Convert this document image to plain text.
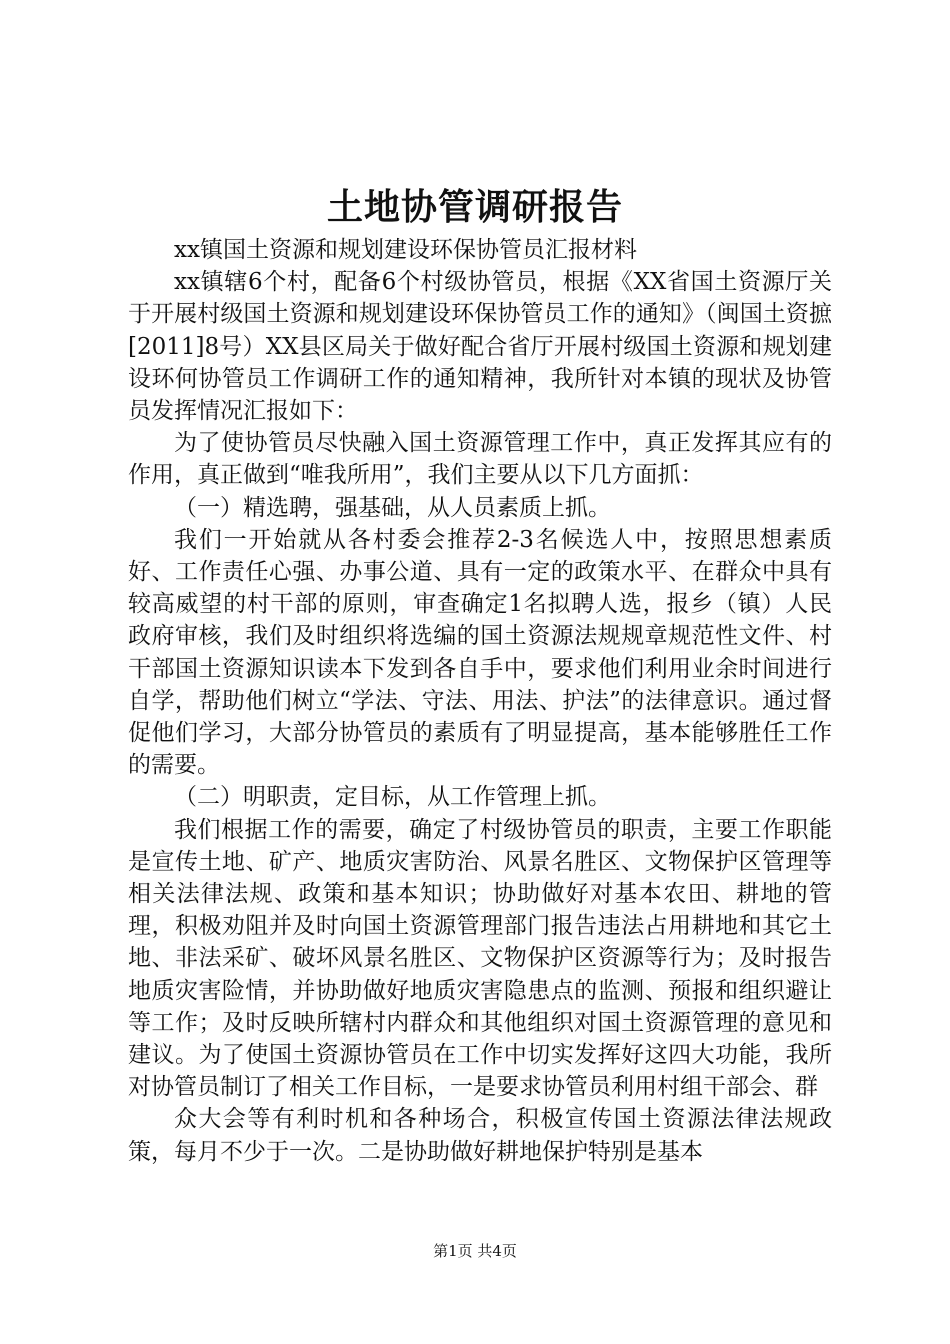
土地协管调研报告

xx镇国土资源和规划建设环保协管员汇报材料

xx镇辖6个村，配备6个村级协管员，根据《XX省国土资源厅关于开展村级国土资源和规划建设环保协管员工作的通知》（闽国土资摭[2011]8号）XX县区局关于做好配合省厅开展村级国土资源和规划建设环何协管员工作调研工作的通知精神，我所针对本镇的现状及协管员发挥情况汇报如下：

为了使协管员尽快融入国土资源管理工作中，真正发挥其应有的作用，真正做到“唯我所用”，我们主要从以下几方面抓：

（一）精选聘，强基础，从人员素质上抓。

我们一开始就从各村委会推荐2-3名候选人中，按照思想素质好、工作责任心强、办事公道、具有一定的政策水平、在群众中具有较高威望的村干部的原则，审查确定1名拟聘人选，报乡（镇）人民政府审核，我们及时组织将选编的国土资源法规规章规范性文件、村干部国土资源知识读本下发到各自手中，要求他们利用业余时间进行自学，帮助他们树立“学法、守法、用法、护法”的法律意识。通过督促他们学习，大部分协管员的素质有了明显提高，基本能够胜任工作的需要。

（二）明职责，定目标，从工作管理上抓。

我们根据工作的需要，确定了村级协管员的职责，主要工作职能是宣传土地、矿产、地质灾害防治、风景名胜区、文物保护区管理等相关法律法规、政策和基本知识；协助做好对基本农田、耕地的管理，积极劝阻并及时向国土资源管理部门报告违法占用耕地和其它土地、非法采矿、破坏风景名胜区、文物保护区资源等行为；及时报告地质灾害险情，并协助做好地质灾害隐患点的监测、预报和组织避让等工作；及时反映所辖村内群众和其他组织对国土资源管理的意见和建议。为了使国土资源协管员在工作中切实发挥好这四大功能，我所对协管员制订了相关工作目标，一是要求协管员利用村组干部会、群

众大会等有利时机和各种场合，积极宣传国土资源法律法规政策，每月不少于一次。二是协助做好耕地保护特别是基本

第1页 共4页
